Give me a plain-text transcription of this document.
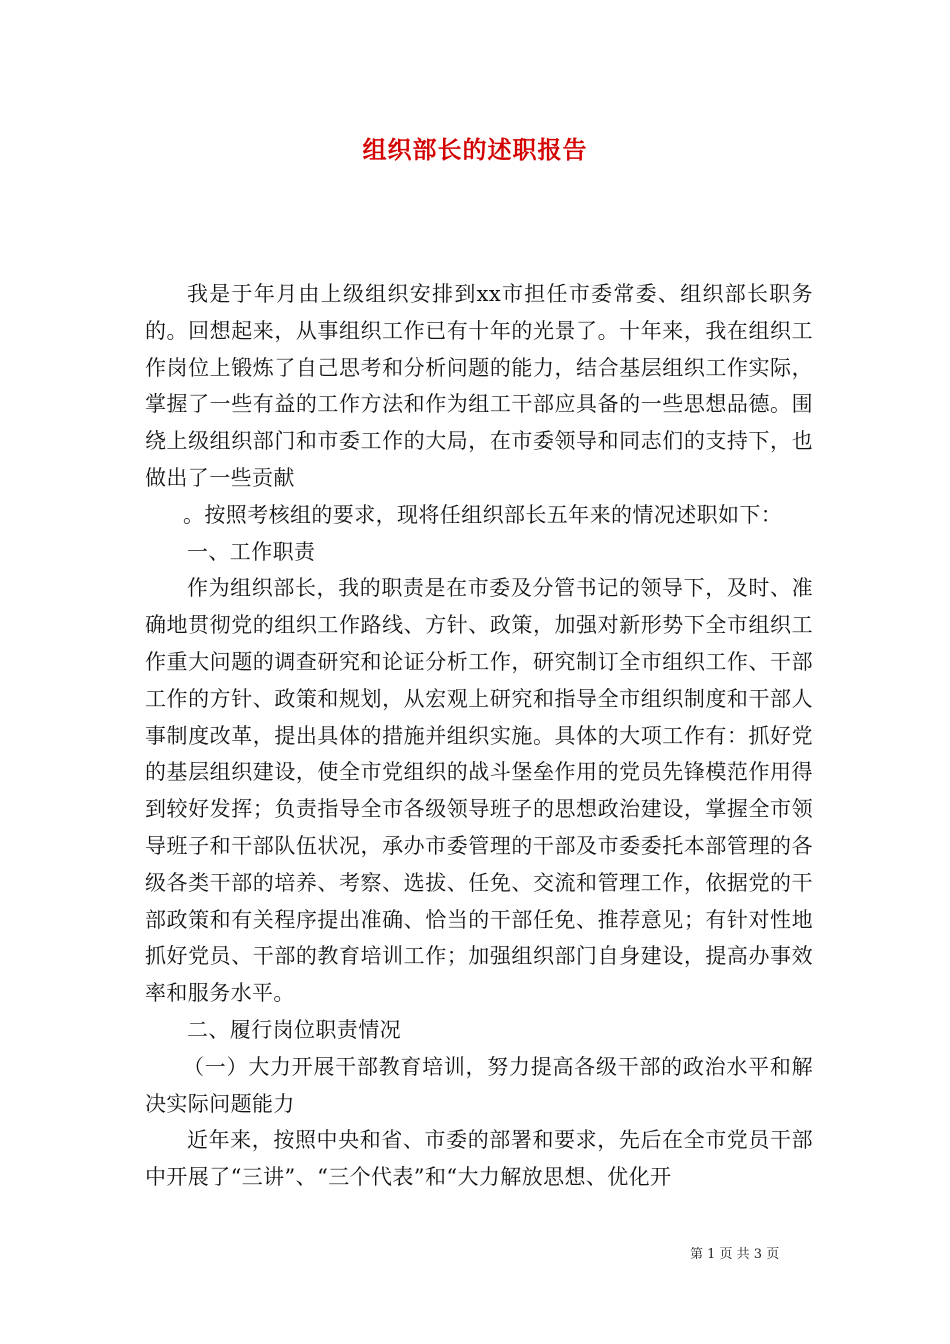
组织部长的述职报告

我是于年月由上级组织安排到xx市担任市委常委、组织部长职务的。回想起来，从事组织工作已有十年的光景了。十年来，我在组织工作岗位上锻炼了自己思考和分析问题的能力，结合基层组织工作实际，掌握了一些有益的工作方法和作为组工干部应具备的一些思想品德。围绕上级组织部门和市委工作的大局，在市委领导和同志们的支持下，也做出了一些贡献

。按照考核组的要求，现将任组织部长五年来的情况述职如下：

一、工作职责

作为组织部长，我的职责是在市委及分管书记的领导下，及时、准确地贯彻党的组织工作路线、方针、政策，加强对新形势下全市组织工作重大问题的调查研究和论证分析工作，研究制订全市组织工作、干部工作的方针、政策和规划，从宏观上研究和指导全市组织制度和干部人事制度改革，提出具体的措施并组织实施。具体的大项工作有：抓好党的基层组织建设，使全市党组织的战斗堡垒作用的党员先锋模范作用得到较好发挥；负责指导全市各级领导班子的思想政治建设，掌握全市领导班子和干部队伍状况，承办市委管理的干部及市委委托本部管理的各级各类干部的培养、考察、选拔、任免、交流和管理工作，依据党的干部政策和有关程序提出准确、恰当的干部任免、推荐意见；有针对性地抓好党员、干部的教育培训工作；加强组织部门自身建设，提高办事效率和服务水平。

二、履行岗位职责情况

（一）大力开展干部教育培训，努力提高各级干部的政治水平和解决实际问题能力

近年来，按照中央和省、市委的部署和要求，先后在全市党员干部中开展了“三讲”、“三个代表”和“大力解放思想、优化开

第 1 页 共 3 页
